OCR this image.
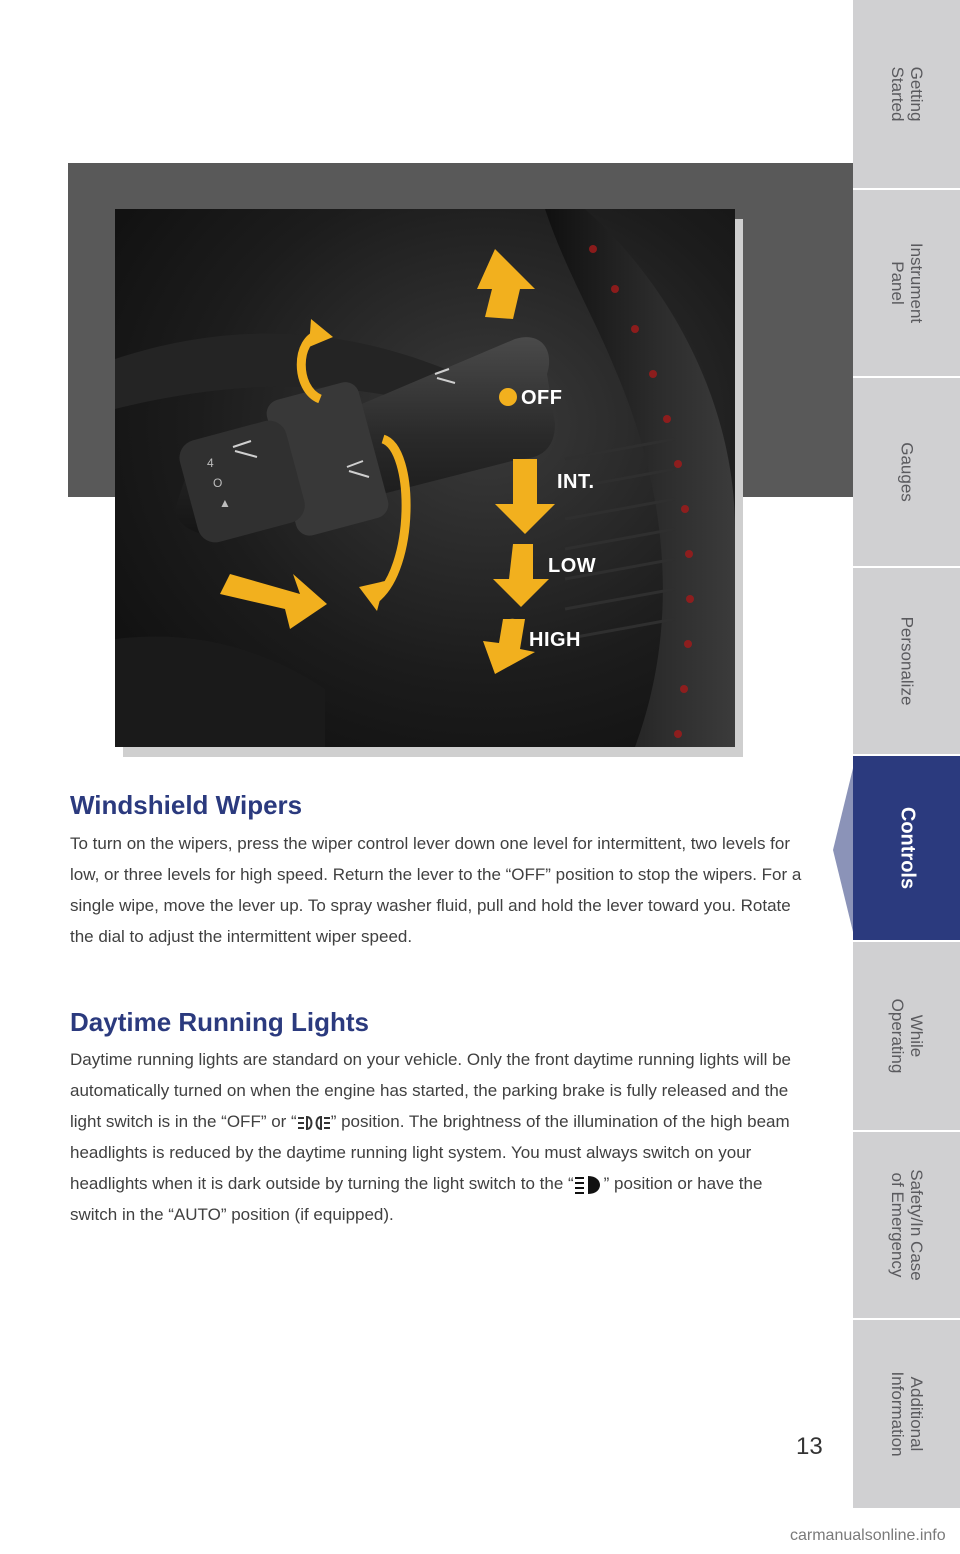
4
O
▲
OFF
INT.
LOW
HIGH
1
2
3
Windshield Wipers

To turn on the wipers, press the wiper control lever down one level for intermittent, two levels for low, or three levels for high speed. Return the lever to the “OFF” position to stop the wipers. For a single wipe, move the lever up. To spray washer fluid, pull and hold the lever toward you. Rotate the dial to adjust the intermittent wiper speed.

Daytime Running Lights

Daytime running lights are standard on your vehicle. Only the front daytime running lights will be automatically turned on when the engine has started, the parking brake is fully released and the light switch is in the “OFF” or “ ” position. The brightness of the illumination of the high beam headlights is reduced by the daytime running light system. You must always switch on your headlights when it is dark outside by turning the light switch to the “ ” position or have the switch in the “AUTO” position (if equipped).

Getting
Started
Instrument
Panel
Gauges
Personalize
Controls
While
Operating
Safety/In Case
of Emergency
Additional
Information
13
carmanualsonline.info
